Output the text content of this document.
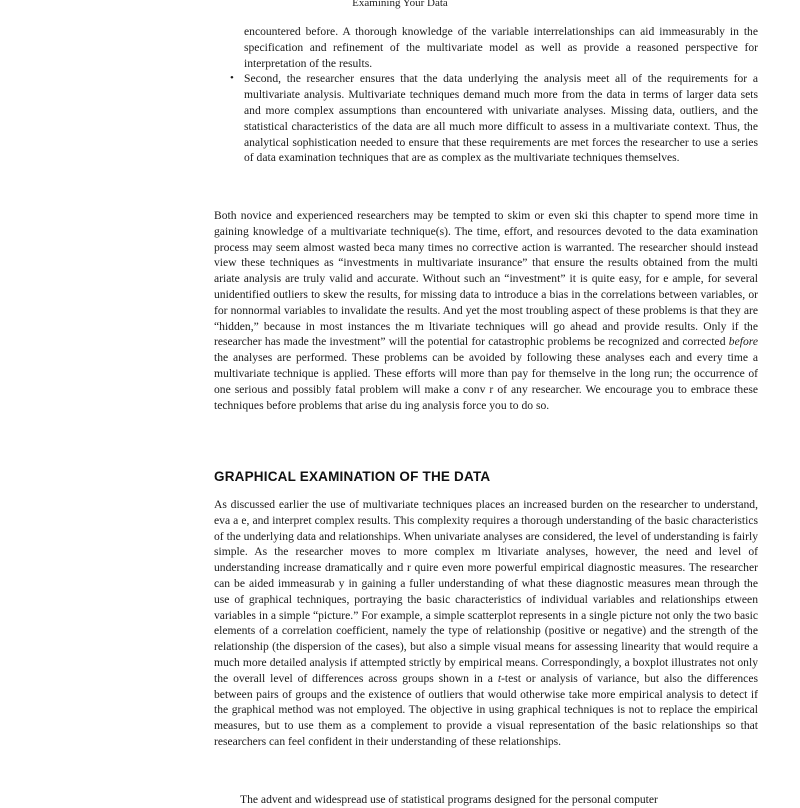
Examining Your Data
encountered before. A thorough knowledge of the variable interrelationships can aid immeasurably in the specification and refinement of the multivariate model as well as provide a reasoned perspective for interpretation of the results.
• Second, the researcher ensures that the data underlying the analysis meet all of the requirements for a multivariate analysis. Multivariate techniques demand much more from the data in terms of larger data sets and more complex assumptions than encountered with univariate analyses. Missing data, outliers, and the statistical characteristics of the data are all much more difficult to assess in a multivariate context. Thus, the analytical sophistication needed to ensure that these requirements are met forces the researcher to use a series of data examination techniques that are as complex as the multivariate techniques themselves.

Both novice and experienced researchers may be tempted to skim or even ski this chapter to spend more time in gaining knowledge of a multivariate technique(s). The time, effort, and resources devoted to the data examination process may seem almost wasted beca many times no corrective action is warranted. The researcher should instead view these techniques as “investments in multivariate insurance” that ensure the results obtained from the multi ariate analysis are truly valid and accurate. Without such an “investment” it is quite easy, for e ample, for several unidentified outliers to skew the results, for missing data to introduce a bias in the correlations between variables, or for nonnormal variables to invalidate the results. And yet the most troubling aspect of these problems is that they are “hidden,” because in most instances the m ltivariate techniques will go ahead and provide results. Only if the researcher has made the investment” will the potential for catastrophic problems be recognized and corrected before the analyses are performed. These problems can be avoided by following these analyses each and every time a multivariate technique is applied. These efforts will more than pay for themselve in the long run; the occurrence of one serious and possibly fatal problem will make a conv r of any researcher. We encourage you to embrace these techniques before problems that arise du ing analysis force you to do so.

GRAPHICAL EXAMINATION OF THE DATA

As discussed earlier the use of multivariate techniques places an increased burden on the researcher to understand, eva a e, and interpret complex results. This complexity requires a thorough understanding of the basic characteristics of the underlying data and relationships. When univariate analyses are considered, the level of understanding is fairly simple. As the researcher moves to more complex m ltivariate analyses, however, the need and level of understanding increase dramatically and r quire even more powerful empirical diagnostic measures. The researcher can be aided immeasurab y in gaining a fuller understanding of what these diagnostic measures mean through the use of graphical techniques, portraying the basic characteristics of individual variables and relationships etween variables in a simple “picture.” For example, a simple scatterplot represents in a single picture not only the two basic elements of a correlation coefficient, namely the type of relationship (positive or negative) and the strength of the relationship (the dispersion of the cases), but also a simple visual means for assessing linearity that would require a much more detailed analysis if attempted strictly by empirical means. Correspondingly, a boxplot illustrates not only the overall level of differences across groups shown in a t-test or analysis of variance, but also the differences between pairs of groups and the existence of outliers that would otherwise take more empirical analysis to detect if the graphical method was not employed. The objective in using graphical techniques is not to replace the empirical measures, but to use them as a complement to provide a visual representation of the basic relationships so that researchers can feel confident in their understanding of these relationships.

The advent and widespread use of statistical programs designed for the personal computer
